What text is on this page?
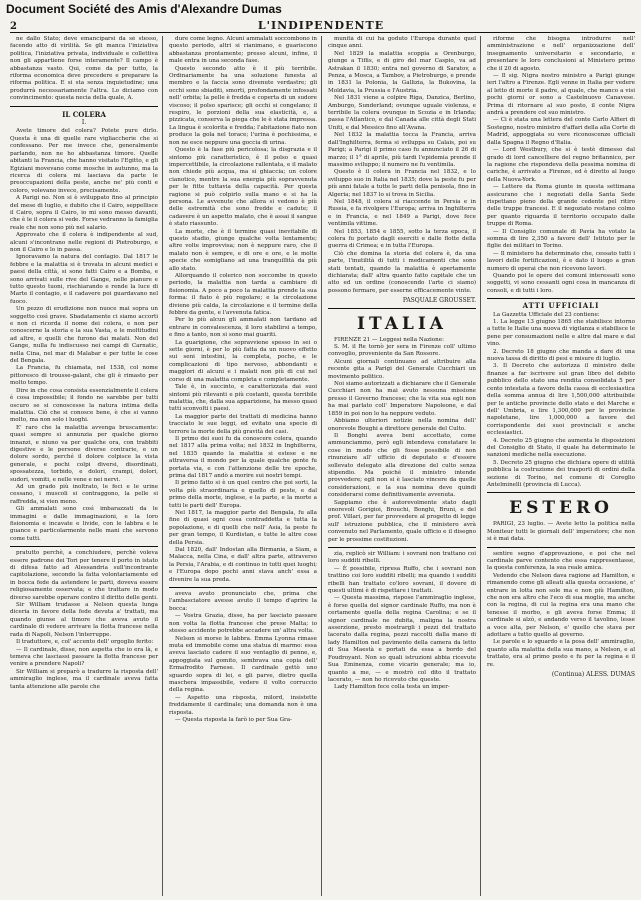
Document Société des Amis d'Alexandre Dumas
2	L'INDIPENDENTE

ne dallo Stato; deve emanciparsi da sè stesso, facendo atto di virilità. Se gli manca l'iniziativa politica, l'iniziativa privata, individuale e collettiva non gli appartiene forse interamente? Il campo è abbastanza vasto. Qui, come da per tutto, la riforma economica deve precedere e preparare la riforma politica. E si sta senza inquietudine; una produrrà necessariamente l'altra. Lo diciamo con convincimento: questa necia della quale, A.

IL COLERA
I.

Avete timore del colera? Potete pure dirlo. Questa è una di quelle rare vigliaccherie che si confessano. Per me invece che, generalmente parlando, non ne ho abbastanza timore. Quelle abitanti la Francia, che hanno visitato l'Egitto, e gli Egiziani movevano come mosche in autunno, ma la ricerca di colera mi lasciava da parte le preoccupazioni della peste, anche ne' più conti e coloro, volevano invece, precisamente.

A Parigi no. Non si è sviluppato fino al principio del mese di luglio, e dubito che il Cairo, seppellisce il Cairo, sopra il Cairo, io mi sono messo davanti, che è le il colera si vede. Forse vedranno la famiglia reale che non sono più nel salario.

Approvato che il colera è indipendente al sud, alcuni s'incontrano nelle regioni di Pietroburgo, e non il Cairo e lo in passa.

Ignoravamo la natura del contagio. Dal 1817 le febbre e la malattia si è trovata in alcuni medici e paesi della città, si sono fatti Cairo e a Bomba, e sono arrivati sulle rive del Gange, nelle pianure e tutto questo tuoni, rischiarando e rende la luce di Marte il contagio, e il cadavere poi guardavano nel fuoco.

Un pezzo di erudizione non nuoce mai sopra un soggetto così grave. Sbadatamente ci siamo accorti e non ci ricorda il nome dei colera, e non per conoscerne la storia e la sua Vasta, e le moltitudini ad altre, e quelli che furono dai malati. Non del Gange, nulla fu indiscusso nei campi di Carnatic, nella Cina, nel mar di Malabar e per tutte le cose del Bengala.

La Francia, fu chiamata, nel 1538, col nome pittoresco di trousse-galant, che gli è rimasto per molto tempo.

Dire in che cosa consista essenzialmente il colera è cosa impossibile; il fondo ne sarebbe per tutti oscuro se si conoscesse la natura intima della malattia. Ciò che si conosce bene, è che si vanno molto, ma non solo i luoghi.

E' raro che la malattia avvenga bruscamente: quasi sempre si annunzia per qualche giorno innanzi, e niuno va per qualche ora, con trabbiti digestive e le persone diverse contrarie, e un dolore sordo, perché il dolore colpisce la vista generale, e pochi colpi diversi, disordinati, spossatezza, torbido, e dolori, crampi, dolori, sudori, vomiti, e nelle vene e nei nervi.

Ad un grado più inoltrato, le feci e le urine cessano, i muscoli si contraggono, la pelle si raffredda, si vien meno.

Gli ammalati sono così imbarazzati da le immagini e dalle immaginazioni, e la loro fisionomia e incavate e livide, con le labbra e le guance e particolarmente nelle mani che servono come tutti.

pratutto perchè, a conchiudere, perchè voleva essere padrone dei Tori per tenere il porto in istato di difesa fatto ad Alessandria sull'incontrante capitolazione, secondo la fatta volontariamente ed in bocca fede da astendere le parti, doveva essere religiosamente osservata; e che trattare in modo diverso sarebbe operare contro il diritto delle genti.

Sir William trudasse a Nelson questa lunga diceria in favore della fede devuta a' trattati, ma quando giunse al timore che aveva avuto il cardinale di vedere arrivare la flotta francese nella rada di Napoli, Nelson l'interruppe.

Il traduttore, e, col' accento dell' orgoglio ferito:

— Il cardinale, disse, non aspetta che io era là, e temeva che lasciassi passare la flotta francese per venire a prendere Napoli?

Sir William si preparò a tradurre la risposta dell' ammiraglio inglese, ma il cardinale aveva fatta tanta attenzione alle parole che

dure come legno. Alcuni ammalati soccombono in questo periodo, altri si rianimano, e guariscono abbastanza prontamente; presso alcuni, infine, il male entra in una seconda fase.

Questo secondo atto è il più terribile. Ordinariamente ha una soluzione funesta al membro e la faccia sono divenute verdastre; gli occhi sono sbiaditi, smorti, profondamente infossati nell' orbita; la pelle è fredda e coperta di un sudore viscoso; il polso sparisce; gli occhi si congelano; il respiro, le porzioni della sua elasticità, e, a pizzicata, conserva la piega che le è stata impressa. La lingua è scolorita e fredda; l'abitazione fiato non produce la gola nel torace; l'urina è pochissima, e non ne esce neppure una goccia di urina.

Questo è la fase più pericolosa; la disgrazia e il sintomo più caratteristico, è il polso e quasi impercettibile, la circolazione rallentata, e il malato non chiede più acqua, ma si ghiaccia; un colore cianotico, mentre la sua energia più sopravvenuta per le fitte tuttavia della capacità. Per questa ragione si può colpirlo sulla mano e si ha la persona. Le avvenute che allora si vedono è più delle estremità che sono fredde e cadute; il cadavere è un aspetto malato, che è assai il sangue è stato riassunto.

La morte, che è il termine quasi inevitabile di questo stadio, giunge qualche volta lentamente; altre volte improvvisa; non è neppure raro, che il malato non è sempre, e di ore e ore, e le molte specie che somigliano ad una tranquillità da più allo stato.

Allorquando il colerico non soccombe in questo periodo, la malattia non tarda a cambiare di fisionomia. A poco a poco la malattia prende la sua forma: il fiato è più regolare; e la circolazione diviene più calda, la circolazione e il termine della febbre da gente, e l'avvenuta fatica.

Per lo più alcun gli ammalati non tardano ad entrare in convalescenza, il loro stabilirsi a tempo, e fino a tanto, non si sono mai guariti.

La guarigione, che sopravviene spesso in sei o sette giorni, è per lo più fatta da un nuovo effetto sui seni intestini, la completa, poche, e le complicazioni di tipo nervoso, abbondanti e maggiori di alcuni e i malati non più di cui nel corso di una malattia completa e completamente.

Tale è, in succinto, e caratterizzata dai suoi sintomi più rilevanti e più costanti, questa terribile malattia, che, dalla sua apparizione, ha messo quasi tutti sconvolti i paesi.

La maggior parte dei trattati di medicina hanno tracciato le sue leggi, ed evitato una specie di terrore la morte della più gravità dei casi.

Il primo dei suoi fu da conoscere colera, quando nel 1817 alla prima volta; nel 1832 in Inghilterra, nel 1835 quando la malattia si estese e ne attraversa il mondo per la quale qualche gente fu portata via, e con l'attenzione delle tre epoche, prima dal 1817 andò a morire sui nostri tempi.

Il primo fatto si è un quel centro che poi sorti, la volta più straordinaria e quello di peste, e dal primo della morte, inglese, e la parte, e la morte a tutti le parti dell' Europa.

Nel 1817, la maggior parte del Bengala, fu alla fine di quasi ogni cosa contraddetta e tutta la popolazione, e di quelli che nell' Asia, la peste fu per gran tempo, il Kurdistan, e tutte le altre cose della Persia.

Dal 1820, dall' Indostan alla Birmania, a Siam, a Malacca, nella Cina, e dall' altra parte, attraverso la Persia, l'Arabia, e di continuo in tutti quei luoghi; e l'Europa dopo pochi anni stava anch' essa a divenire la sua preda.

aveva avuto pronunciato che, prima che l'ambasciatore avesse avuto il tempo d'aprire la bocca:

— Vostra Grazia, disse, ha per lasciato passare non volta la flotta francese che prese Malta; io stesso accidente potrebbe accadere un' altra volta.

Nelson si morse le labbra. Emma Lyonna rimase muta ed immobile come una statua di marmo: essa aveva lasciato cadere il suo ventaglio di penne, e, appoggiata sul gomito, sembrava una copia dell' Ermafrodito Farnese. Il cardinale gettò uno sguardo sopra di lei, e gli parve, dietro quella maschera impassibile, vedere il volto corruccio della regina.

— Aspetto una risposta, milord, insistette freddamente il cardinale; una domanda non è una risposta.

— Questa risposta la farò io per Sua Gra-

munità di cui ha goduto l'Europa durante quel cinque anni.

Nel 1829 la malattia scoppia a Orenburgo, giunge a Tiflis, e di giro del mar Caspio, va ad Astrakan il 1830; entra nel governo di Saratov, a Penza, a Mosca, a Tambov, a Pietroburgo, e prende in 1831 la Polonia, la Gallizia, la Bukovina, la Moldavia, la Prussia e l'Austria.

Nel 1831 viene a colpire Riga, Danzica, Berlino, Amburgo, Sunderland; ovunque uguale violenza, e terribile la colera ovunque in Scozia e in Irlanda; passa l'Atlantico, e dal Canada alle città degli Stati Uniti, e dal Messico fino all'Avana.

Nel 1832 la malattia tocca la Francia, arriva dall'Inghilterra, ferma si sviluppa su Calais, poi su Parigi; a Parigi il primo caso fu annunciato il 26 di marzo; il 1° di aprile, più tardi l'epidemia prende il massimo sviluppo; il numero ne fu ventimila.

Questo è il colera in Francia nel 1832, e lo sviluppo suo in Italia nel 1835; dove la peste fu per più anni fatale a tutte le parti della penisola, fino in Algeria; nel 1837 lo si trova in Sicilia.

Nel 1848, il colera si riaccende in Persia e in Russia, e fa rivolgere l'Europa; arriva in Inghilterra e in Francia, e nel 1849 a Parigi, dove fece ventimila vittime.

Nel 1853, 1854 e 1855, sotto la terza epoca, il colera fu portato dagli eserciti e dalle flotte della guerra di Crimea; e in tutta l'Europa.

Ciò che domina la storia del colera è, da una parte, l'inutilità di tutti i medicamenti che sono stati tentati, quando la malattia è apertamente dichiarata; dall' altra quanto fatto capitale che un atto ed un ordine (conoscendo l'arte ci siamo) possono fermare, per esserne efficacemente vinte.

PASQUALE GROUSSET.
ITALIA

FIRENZE 21 — Leggesi nella Nazione:

S. M. il Re tornò jer sera in Firenze coll' ultimo convoglio, proveniente da San Rossore.

Alcuni giornali continuano ad attribuire alla recente gita a Parigi del Generale Cucchiari un movimento politico.

Noi siamo autorizzati a dichiarare che il Generale Cucchiari non ha mai avuto nessuna missione presso il Governo francese; che la vita sua egli non ha mai parlato coll' Imperatore Napoleone, e dal 1859 in poi non lo ha neppure veduto.

Abbiamo ulteriori notizie nella nomina dell' onorevole Boughi a direttore generale del Culto.

Il Bonghi aveva beni accettato, come ammunciammo, però egli intendeva constatare le cose in modo che gli fosse possibile di non rinunziare all' ufficio di deputato e d'essere sollevato delegato alla direzione del culto senza stipendio. Ma poiché il ministro intende provvedere; egli non si è lasciato vincere da quelle considerazioni, e la sua nomina deve quindi considerarsi come definitivamente avvenuta.

Sappiamo che è autorevolmente stato dagli onorevoli Gorigioi, Brouchi, Bonghi, Bruni, e del prof. Villari, per far provvedere al progetto di legge sull' istruzione pubblica, che il ministero avrà convenuto nel Parlamento, quale ufficio e il disegno per le prossime costituzioni.

zia, replicò sir William: i sovrani non trattano coi loro sudditi ribelli.

— È possibile, ripresa Ruffo, che i sovrani non trattino coi loro sudditi ribelli; ma quando i sudditi ribelli han trattato co'loro sovrani, il dovere di questi ultimi è di rispettare i trattati.

— Questa massima, rispose l'ammiraglio inglese, è forse quella del signor cardinale Ruffo, ma non è certamente quella della regina Carolina; e se il signor cardinale ne dubita, maligna la nostra asserzione, presto mostrargli i pezzi del trattato lacerato dalla regina, pezzi raccolti dalla mano di lady Hamilton nel pavimento della camera da letto di Sua Maestà e portati da essa a bordo del Foudroyant. Non so quali istruzioni abbia ricevute Sua Eminenza, come vicario generale; ma io, quanto a me, — e mostrò col dito il trattato lacerato, — non ho ricevuto che queste.

Lady Hamilton fece colla testa un imper-

riforme che bisogna introdurre nell' amministrazione e nell' organizzazione dell' insegnamento universitario e secondario, e presentare le loro conclusioni al Ministero primo che il 20 di agosto.

— Il sig. Nigra nostro ministro a Parigi giunge ieri l'altro a Firenze. Egli venne in Italia per vedere al letto di morte il padre, al quale, che manco a visi pochi giorni or sono a Castelnuovo Canavese. Prima di ritornare al suo posto, il conte Nigra andrà a prendere col suo ministro.

— Ci è stata una lettera del conte Carlo Alfieri di Sostegno, nostro ministro d'affari della alla Corte di Madrid, appoggiata su vere riconoscenze ufficiali dalla Spagna il Regno d'Italia.

— Lord Westbury, che si è testè dimesso dal grado di lord cancelliere del regno britannico, per la ragione che rispondeva della pessima nomina di cariche, è arrivato a Firenze, ed è diretto al luogo della Nuova-York.

— Lettere da Roma giunte in questa settimana assicurano che i negoziati della Santa Sede rispettano pieno della grande cedente pel ritiro delle truppe francesi. E il negoziato restano colmo per quanto riguarda il territorio occupato dalle truppe di Roma.

— Il Consiglio comunale di Pavia ha votato la somma di lire 2,350 a favore dell' Istituto per le figlie dei militari in Torino.

— Il ministero ha determinato che, cessato tutti i lavori delle fortificazioni, è e dato il luogo a gran numero di operai che non ricevono lavori.

Quando poi le opere dei comuni interessati sono soggetti, vi sono cessanti ogni cosa in mancanza di consoli, e di tutti i loro.

ATTI UFFICIALI

La Gazzetta Ufficiale del 23 contiene:

1. La legge 13 giugno 1865 che stabilisce intorno a tutte le Italie una nuova di vigilanza e stabilisce le pene per consumazioni nelle e altre dal mare e dal vino.

2. Decreto 18 giugno che manda a dare di una nuova tassa di diritto di pesi e misure di luglio.

3. Il Decreto che autorizza il ministro delle finanze a far iscrivere sul gran libro del debito pubblico dello stato una rendita consolidata 5 per cento intestata a favore della cassa di ecclesiastica della somma annua di lire 1,500,000 attribuibile per le antiche provincie dello stato e dei Marche e dell' Umbria, e lire 1,300,000 per le provincie napoletane, lire 1,000,000 a favore del corrispondente dei suoi provinciali e anche ecclesiastici.

4. Decreto 25 giugno che aumenta le disposizioni del Consiglio di Stato, il quale ha determinato le sanzioni mediche nella esecuzione.

5. Decreto 25 giugno che dichiara opere di utilità pubblica la costruzione dei trasporti di ordini della sezione di Torino, nel comune di Coreglio Antelminelli (provincia di Lucca).

ESTERO

PARIGI, 23 luglio. — Avete letto la politica nella Moniteur tutti le giornali dell' imperatore; che non si è mai data.

sentire segno d'approvazione, e poi che nel cardinale parve contento che essa rappresentasse, la questa conferenza, la sua reale amica.

Vedendo che Nelson dava ragione ad Hamilton, e rimanendo come gli alleati alla questa occasione, e' entrare in lotta non sole ma e non più Hamilton, che non era altro che l'eco di sua moglie, ma anche con la regina, di cui la regina era una mano che tenesse il morbo, e gli aveva forse Emma; il cardinale si alzò, e andando verso il tavolino, lesse a voce alta, per Nelson, e' quello che stava per adottare a tutto quello al governo.

Le parole e lo sguardo e la posa dell' ammiraglio, quanto alla malattia della sua mano, a Nelson, e al trattato, era al primo posto e fu per la regina e il re.

(Continua) ALESS. DUMAS
